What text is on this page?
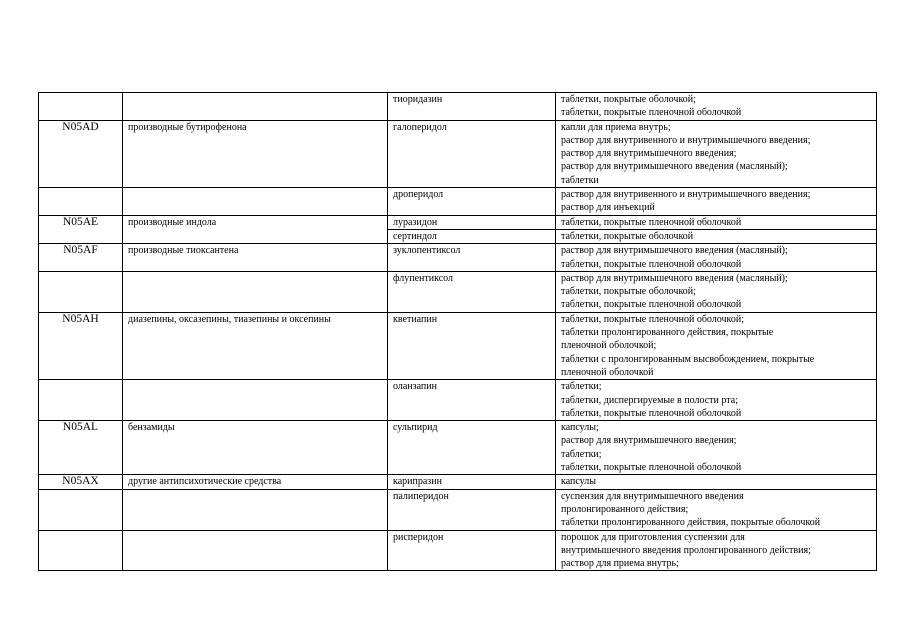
		тиоридазин	таблетки, покрытые оболочкой;
таблетки, покрытые пленочной оболочкой

N05AD	производные бутирофенона	галоперидол	капли для приема внутрь;
раствор для внутривенного и внутримышечного введения;
раствор для внутримышечного введения;
раствор для внутримышечного введения (масляный);
таблетки

		дроперидол	раствор для внутривенного и внутримышечного введения;
раствор для инъекций

N05AE	производные индола	луразидон	таблетки, покрытые пленочной оболочкой

		сертиндол	таблетки, покрытые оболочкой

N05AF	производные тиоксантена	зуклопентиксол	раствор для внутримышечного введения (масляный);
таблетки, покрытые пленочной оболочкой

		флупентиксол	раствор для внутримышечного введения (масляный);
таблетки, покрытые оболочкой;
таблетки, покрытые пленочной оболочкой

N05AH	диазепины, оксазепины, тиазепины и оксепины	кветиапин	таблетки, покрытые пленочной оболочкой;
таблетки пролонгированного действия, покрытые
пленочной оболочкой;
таблетки с пролонгированным высвобождением, покрытые
пленочной оболочкой

		оланзапин	таблетки;
таблетки, диспергируемые в полости рта;
таблетки, покрытые пленочной оболочкой

N05AL	бензамиды	сульпирид	капсулы;
раствор для внутримышечного введения;
таблетки;
таблетки, покрытые пленочной оболочкой

N05AX	другие антипсихотические средства	карипразин	капсулы

		палиперидон	суспензия для внутримышечного введения
пролонгированного действия;
таблетки пролонгированного действия, покрытые оболочкой

		рисперидон	порошок для приготовления суспензии для
внутримышечного введения пролонгированного действия;
раствор для приема внутрь;
